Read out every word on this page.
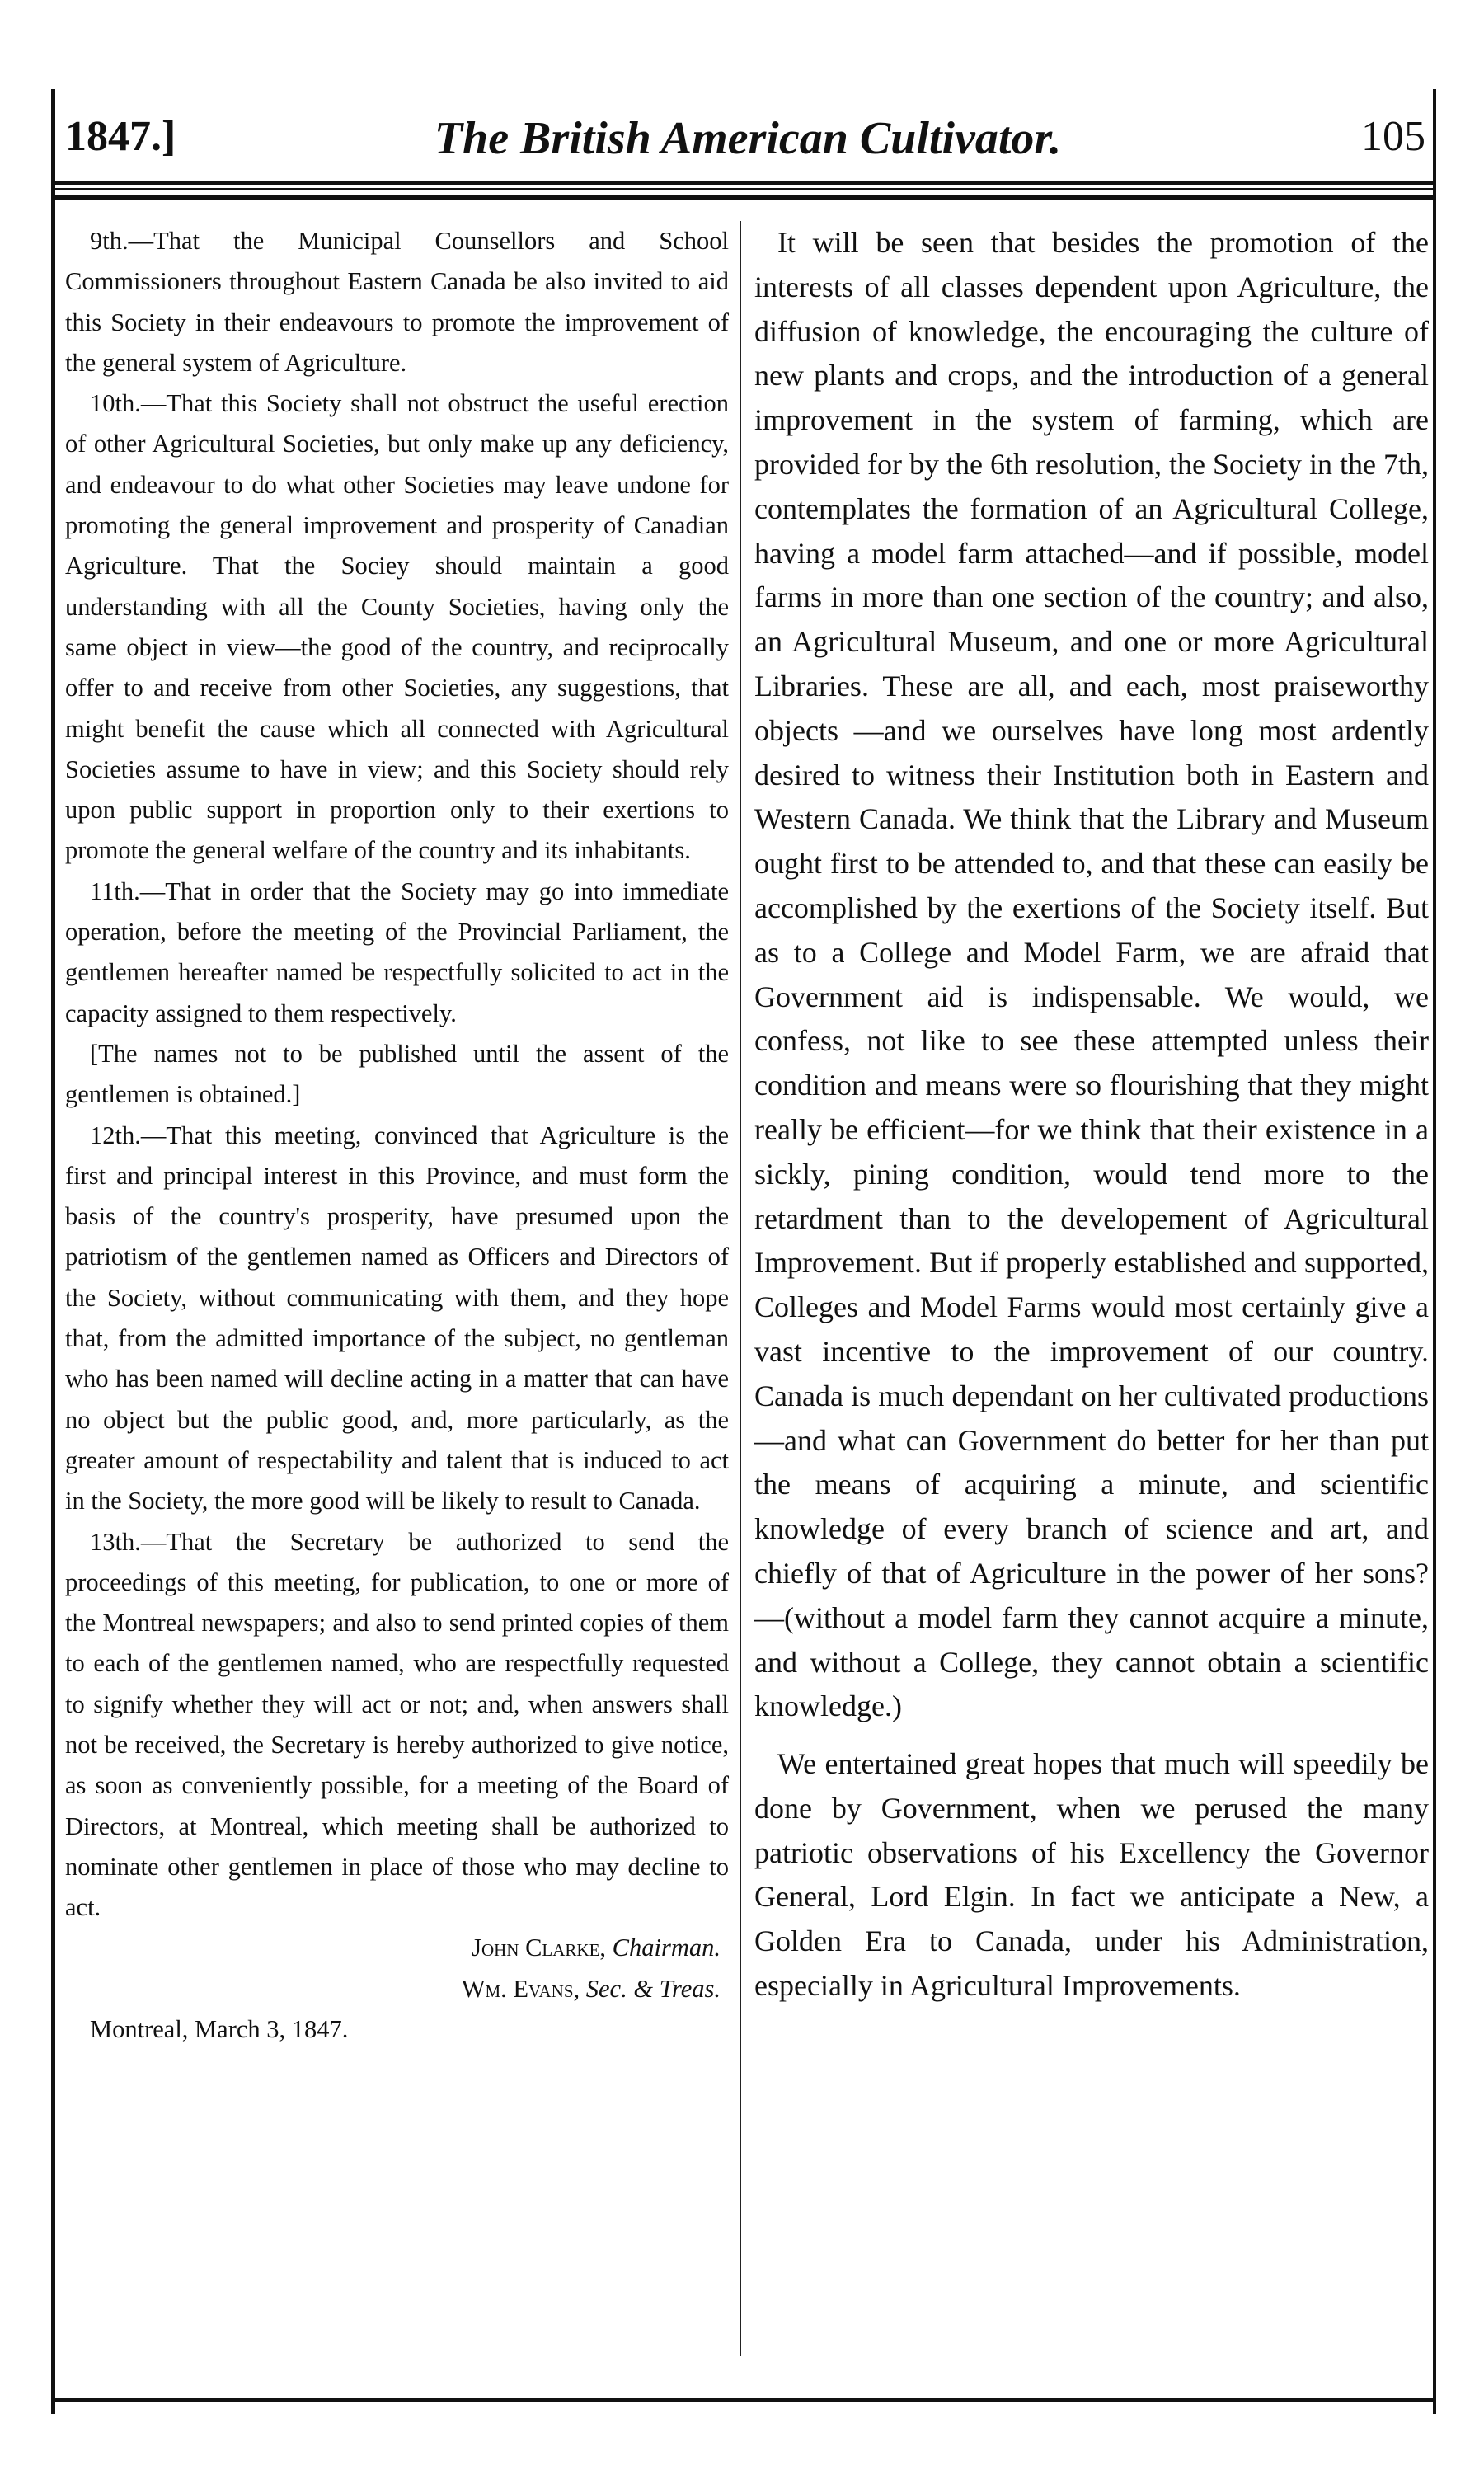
1847.]	The British American Cultivator.	105

9th.—That the Municipal Counsellors and School Commissioners throughout Eastern Canada be also invited to aid this Society in their endeavours to promote the improvement of the general system of Agriculture.

10th.—That this Society shall not obstruct the useful erection of other Agricultural Societies, but only make up any deficiency, and endeavour to do what other Societies may leave undone for promoting the general improvement and prosperity of Canadian Agriculture. That the Sociey should maintain a good understanding with all the County Societies, having only the same object in view—the good of the country, and reciprocally offer to and receive from other Societies, any suggestions, that might benefit the cause which all connected with Agricultural Societies assume to have in view; and this Society should rely upon public support in proportion only to their exertions to promote the general welfare of the country and its inhabitants.

11th.—That in order that the Society may go into immediate operation, before the meeting of the Provincial Parliament, the gentlemen hereafter named be respectfully solicited to act in the capacity assigned to them respectively.

[The names not to be published until the assent of the gentlemen is obtained.]

12th.—That this meeting, convinced that Agriculture is the first and principal interest in this Province, and must form the basis of the country's prosperity, have presumed upon the patriotism of the gentlemen named as Officers and Directors of the Society, without communicating with them, and they hope that, from the admitted importance of the subject, no gentleman who has been named will decline acting in a matter that can have no object but the public good, and, more particularly, as the greater amount of respectability and talent that is induced to act in the Society, the more good will be likely to result to Canada.

13th.—That the Secretary be authorized to send the proceedings of this meeting, for publication, to one or more of the Montreal newspapers; and also to send printed copies of them to each of the gentlemen named, who are respectfully requested to signify whether they will act or not; and, when answers shall not be received, the Secretary is hereby authorized to give notice, as soon as conveniently possible, for a meeting of the Board of Directors, at Montreal, which meeting shall be authorized to nominate other gentlemen in place of those who may decline to act.

John Clarke, Chairman.

Wm. Evans, Sec. & Treas.

Montreal, March 3, 1847.

It will be seen that besides the promotion of the interests of all classes dependent upon Agriculture, the diffusion of knowledge, the encouraging the culture of new plants and crops, and the introduction of a general improvement in the system of farming, which are provided for by the 6th resolution, the Society in the 7th, contemplates the formation of an Agricultural College, having a model farm attached—and if possible, model farms in more than one section of the country; and also, an Agricultural Museum, and one or more Agricultural Libraries. These are all, and each, most praiseworthy objects —and we ourselves have long most ardently desired to witness their Institution both in Eastern and Western Canada. We think that the Library and Museum ought first to be attended to, and that these can easily be accomplished by the exertions of the Society itself. But as to a College and Model Farm, we are afraid that Government aid is indispensable. We would, we confess, not like to see these attempted unless their condition and means were so flourishing that they might really be efficient—for we think that their existence in a sickly, pining condition, would tend more to the retardment than to the developement of Agricultural Improvement. But if properly established and supported, Colleges and Model Farms would most certainly give a vast incentive to the improvement of our country. Canada is much dependant on her cultivated productions—and what can Government do better for her than put the means of acquiring a minute, and scientific knowledge of every branch of science and art, and chiefly of that of Agriculture in the power of her sons?—(without a model farm they cannot acquire a minute, and without a College, they cannot obtain a scientific knowledge.)

We entertained great hopes that much will speedily be done by Government, when we perused the many patriotic observations of his Excellency the Governor General, Lord Elgin. In fact we anticipate a New, a Golden Era to Canada, under his Administration, especially in Agricultural Improvements.
